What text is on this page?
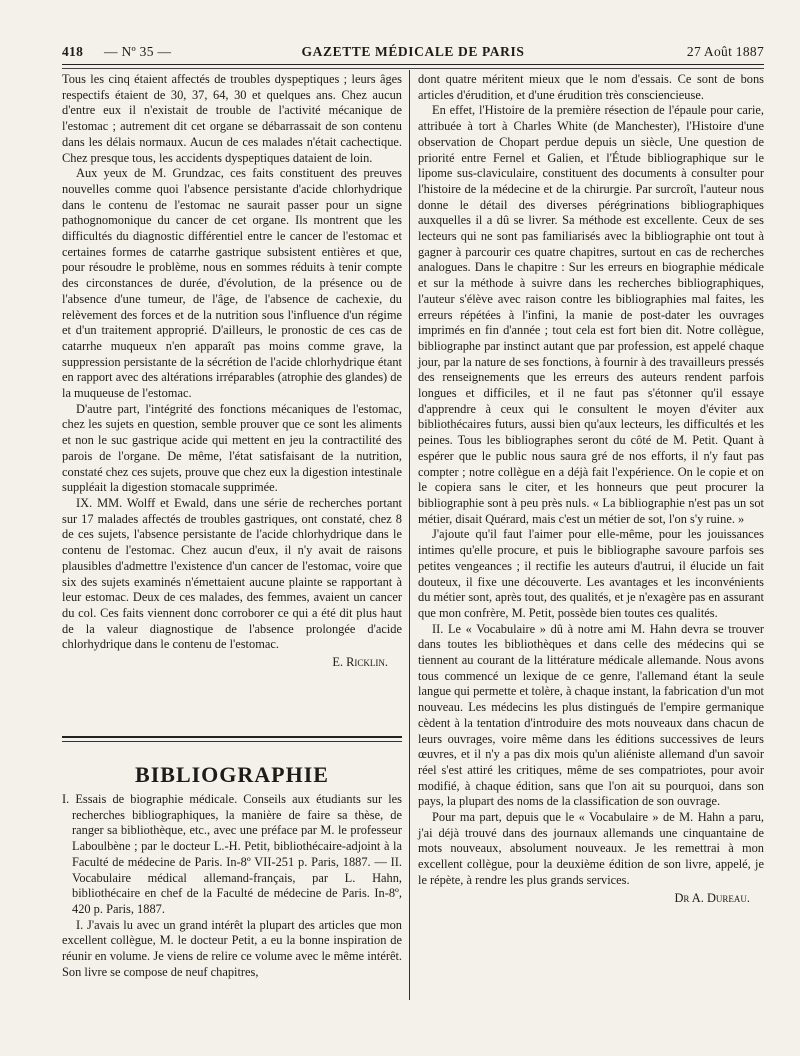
418 — Nº 35 —	GAZETTE MÉDICALE DE PARIS	27 Août 1887

Tous les cinq étaient affectés de troubles dyspeptiques ; leurs âges respectifs étaient de 30, 37, 64, 30 et quelques ans. Chez aucun d'entre eux il n'existait de trouble de l'activité mécanique de l'estomac ; autrement dit cet organe se débarrassait de son contenu dans les délais normaux. Aucun de ces malades n'était cachectique. Chez presque tous, les accidents dyspeptiques dataient de loin.

Aux yeux de M. Grundzac, ces faits constituent des preuves nouvelles comme quoi l'absence persistante d'acide chlorhydrique dans le contenu de l'estomac ne saurait passer pour un signe pathognomonique du cancer de cet organe. Ils montrent que les difficultés du diagnostic différentiel entre le cancer de l'estomac et certaines formes de catarrhe gastrique subsistent entières et que, pour résoudre le problème, nous en sommes réduits à tenir compte des circonstances de durée, d'évolution, de la présence ou de l'absence d'une tumeur, de l'âge, de l'absence de cachexie, du relèvement des forces et de la nutrition sous l'influence d'un régime et d'un traitement approprié. D'ailleurs, le pronostic de ces cas de catarrhe muqueux n'en apparaît pas moins comme grave, la suppression persistante de la sécrétion de l'acide chlorhydrique étant en rapport avec des altérations irréparables (atrophie des glandes) de la muqueuse de l'estomac.

D'autre part, l'intégrité des fonctions mécaniques de l'estomac, chez les sujets en question, semble prouver que ce sont les aliments et non le suc gastrique acide qui mettent en jeu la contractilité des parois de l'organe. De même, l'état satisfaisant de la nutrition, constaté chez ces sujets, prouve que chez eux la digestion intestinale suppléait la digestion stomacale supprimée.

IX. MM. Wolff et Ewald, dans une série de recherches portant sur 17 malades affectés de troubles gastriques, ont constaté, chez 8 de ces sujets, l'absence persistante de l'acide chlorhydrique dans le contenu de l'estomac. Chez aucun d'eux, il n'y avait de raisons plausibles d'admettre l'existence d'un cancer de l'estomac, voire que six des sujets examinés n'émettaient aucune plainte se rapportant à leur estomac. Deux de ces malades, des femmes, avaient un cancer du col. Ces faits viennent donc corroborer ce qui a été dit plus haut de la valeur diagnostique de l'absence prolongée d'acide chlorhydrique dans le contenu de l'estomac.

E. Ricklin.
BIBLIOGRAPHIE

I. Essais de biographie médicale. Conseils aux étudiants sur les recherches bibliographiques, la manière de faire sa thèse, de ranger sa bibliothèque, etc., avec une préface par M. le professeur Laboulbène ; par le docteur L.-H. Petit, bibliothécaire-adjoint à la Faculté de médecine de Paris. In-8º VII-251 p. Paris, 1887. — II. Vocabulaire médical allemand-français, par L. Hahn, bibliothécaire en chef de la Faculté de médecine de Paris. In-8º, 420 p. Paris, 1887.

I. J'avais lu avec un grand intérêt la plupart des articles que mon excellent collègue, M. le docteur Petit, a eu la bonne inspiration de réunir en volume. Je viens de relire ce volume avec le même intérêt. Son livre se compose de neuf chapitres,

dont quatre méritent mieux que le nom d'essais. Ce sont de bons articles d'érudition, et d'une érudition très consciencieuse.

En effet, l'Histoire de la première résection de l'épaule pour carie, attribuée à tort à Charles White (de Manchester), l'Histoire d'une observation de Chopart perdue depuis un siècle, Une question de priorité entre Fernel et Galien, et l'Étude bibliographique sur le lipome sus-claviculaire, constituent des documents à consulter pour l'histoire de la médecine et de la chirurgie. Par surcroît, l'auteur nous donne le détail des diverses pérégrinations bibliographiques auxquelles il a dû se livrer. Sa méthode est excellente. Ceux de ses lecteurs qui ne sont pas familiarisés avec la bibliographie ont tout à gagner à parcourir ces quatre chapitres, surtout en cas de recherches analogues. Dans le chapitre : Sur les erreurs en biographie médicale et sur la méthode à suivre dans les recherches bibliographiques, l'auteur s'élève avec raison contre les bibliographies mal faites, les erreurs répétées à l'infini, la manie de post-dater les ouvrages imprimés en fin d'année ; tout cela est fort bien dit. Notre collègue, bibliographe par instinct autant que par profession, est appelé chaque jour, par la nature de ses fonctions, à fournir à des travailleurs pressés des renseignements que les erreurs des auteurs rendent parfois longues et difficiles, et il ne faut pas s'étonner qu'il essaye d'apprendre à ceux qui le consultent le moyen d'éviter aux bibliothécaires futurs, aussi bien qu'aux lecteurs, les difficultés et les peines. Tous les bibliographes seront du côté de M. Petit. Quant à espérer que le public nous saura gré de nos efforts, il n'y faut pas compter ; notre collègue en a déjà fait l'expérience. On le copie et on le copiera sans le citer, et les honneurs que peut procurer la bibliographie sont à peu près nuls. « La bibliographie n'est pas un sot métier, disait Quérard, mais c'est un métier de sot, l'on s'y ruine. »

J'ajoute qu'il faut l'aimer pour elle-même, pour les jouissances intimes qu'elle procure, et puis le bibliographe savoure parfois ses petites vengeances ; il rectifie les auteurs d'autrui, il élucide un fait douteux, il fixe une découverte. Les avantages et les inconvénients du métier sont, après tout, des qualités, et je n'exagère pas en assurant que mon confrère, M. Petit, possède bien toutes ces qualités.

II. Le « Vocabulaire » dû à notre ami M. Hahn devra se trouver dans toutes les bibliothèques et dans celle des médecins qui se tiennent au courant de la littérature médicale allemande. Nous avons tous commencé un lexique de ce genre, l'allemand étant la seule langue qui permette et tolère, à chaque instant, la fabrication d'un mot nouveau. Les médecins les plus distingués de l'empire germanique cèdent à la tentation d'introduire des mots nouveaux dans chacun de leurs ouvrages, voire même dans les éditions successives de leurs œuvres, et il n'y a pas dix mois qu'un aliéniste allemand d'un savoir réel s'est attiré les critiques, même de ses compatriotes, pour avoir modifié, à chaque édition, sans que l'on ait su pourquoi, dans son pays, la plupart des noms de la classification de son ouvrage.

Pour ma part, depuis que le « Vocabulaire » de M. Hahn a paru, j'ai déjà trouvé dans des journaux allemands une cinquantaine de mots nouveaux, absolument nouveaux. Je les remettrai à mon excellent collègue, pour la deuxième édition de son livre, appelé, je le répète, à rendre les plus grands services.

Dr A. Dureau.
